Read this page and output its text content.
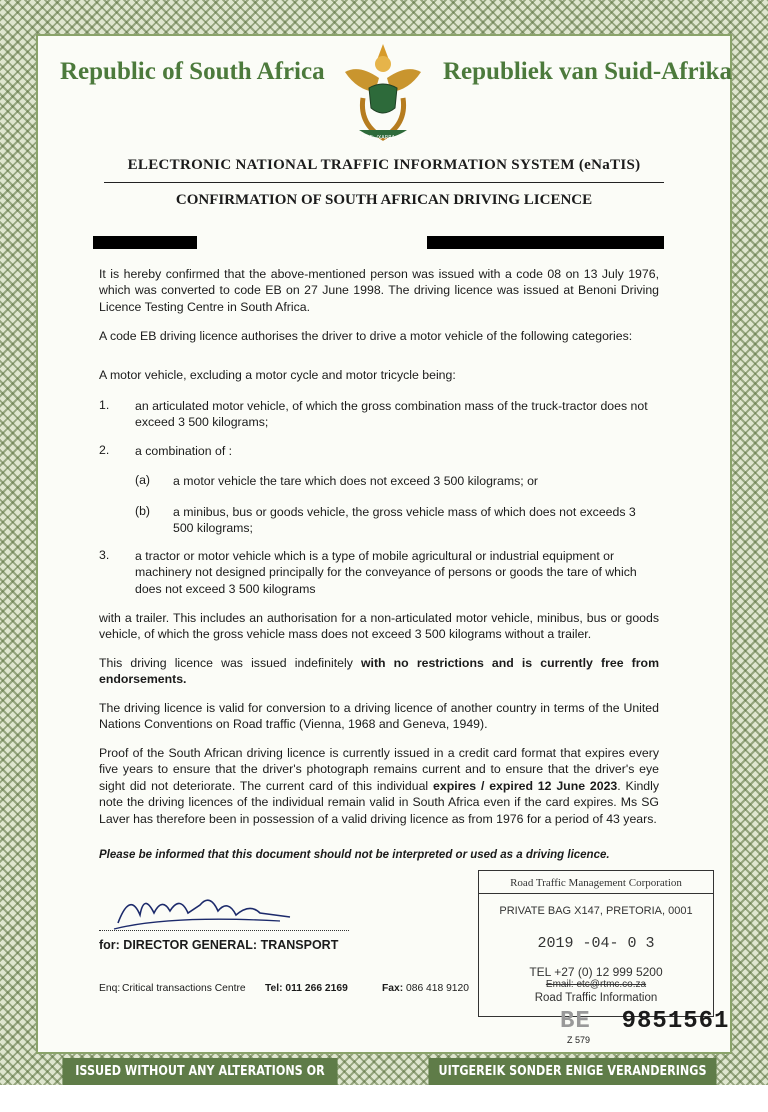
Republic of South Africa	Republiek van Suid-Afrika
!KE E: /XARRA //KE
ELECTRONIC NATIONAL TRAFFIC INFORMATION SYSTEM (eNaTIS)
CONFIRMATION OF SOUTH AFRICAN DRIVING LICENCE
It is hereby confirmed that the above-mentioned person was issued with a code 08 on 13 July 1976, which was converted to code EB on 27 June 1998. The driving licence was issued at Benoni Driving Licence Testing Centre in South Africa.
A code EB driving licence authorises the driver to drive a motor vehicle of the following categories:
A motor vehicle, excluding a motor cycle and motor tricycle being:
1. an articulated motor vehicle, of which the gross combination mass of the truck-tractor does not exceed 3 500 kilograms;
2. a combination of :
(a) a motor vehicle the tare which does not exceed 3 500 kilograms; or
(b) a minibus, bus or goods vehicle, the gross vehicle mass of which does not exceeds 3 500 kilograms;
3. a tractor or motor vehicle which is a type of mobile agricultural or industrial equipment or machinery not designed principally for the conveyance of persons or goods the tare of which does not exceed 3 500 kilograms
with a trailer. This includes an authorisation for a non-articulated motor vehicle, minibus, bus or goods vehicle, of which the gross vehicle mass does not exceed 3 500 kilograms without a trailer.
This driving licence was issued indefinitely with no restrictions and is currently free from endorsements.
The driving licence is valid for conversion to a driving licence of another country in terms of the United Nations Conventions on Road traffic (Vienna, 1968 and Geneva, 1949).
Proof of the South African driving licence is currently issued in a credit card format that expires every five years to ensure that the driver's photograph remains current and to ensure that the driver's eye sight did not deteriorate. The current card of this individual expires / expired 12 June 2023. Kindly note the driving licences of the individual remain valid in South Africa even if the card expires. Ms SG Laver has therefore been in possession of a valid driving licence as from 1976 for a period of 43 years.
Please be informed that this document should not be interpreted or used as a driving licence.
for: DIRECTOR GENERAL: TRANSPORT
Enq: Critical transactions Centre Tel: 011 266 2169	Fax: 086 418 9120
Road Traffic Management Corporation
PRIVATE BAG X147, PRETORIA, 0001
2019 -04- 0 3
TEL +27 (0) 12 999 5200
Email: etc@rtmc.co.za
Road Traffic Information
BE 9851561
Z 579
ISSUED WITHOUT ANY ALTERATIONS OR ERASURES
UITGEREIK SONDER ENIGE VERANDERINGS OF UITKRAPPINGS
